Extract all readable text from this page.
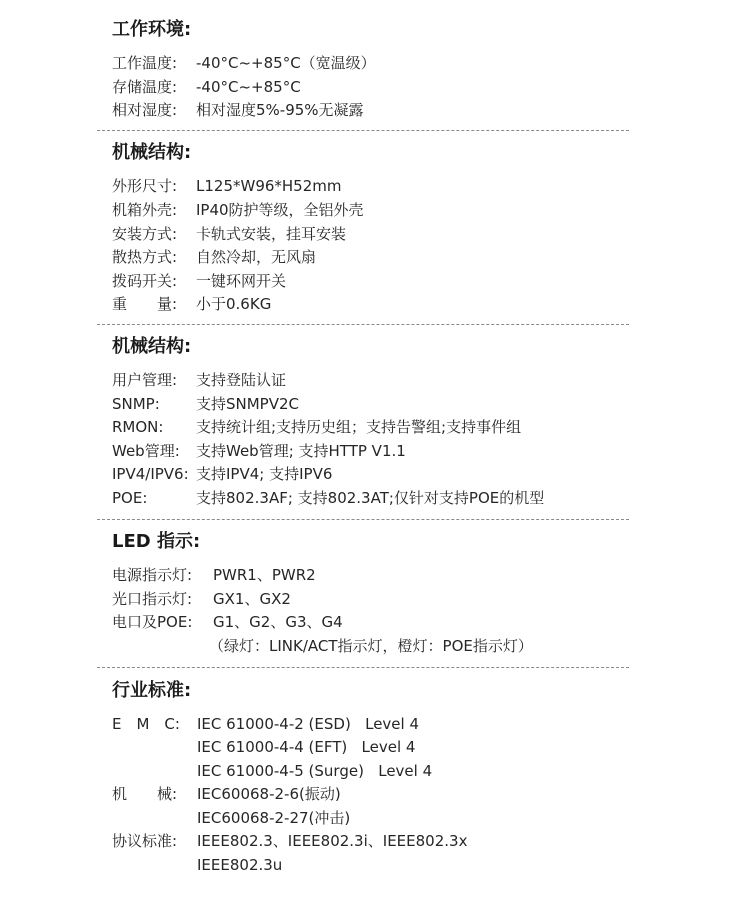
工作环境:
工作温度: -40°C~+85°C（宽温级）
存储温度: -40°C~+85°C
相对湿度: 相对湿度5%-95%无凝露
机械结构:
外形尺寸: L125*W96*H52mm
机箱外壳: IP40防护等级，全铝外壳
安装方式: 卡轨式安装，挂耳安装
散热方式: 自然冷却，无风扇
拨码开关: 一键环网开关
重　　量: 小于0.6KG
机械结构:
用户管理: 支持登陆认证
SNMP: 支持SNMPV2C
RMON: 支持统计组;支持历史组；支持告警组;支持事件组
Web管理: 支持Web管理; 支持HTTP V1.1
IPV4/IPV6: 支持IPV4; 支持IPV6
POE:	支持802.3AF; 支持802.3AT;仅针对支持POE的机型
LED 指示:
电源指示灯: PWR1、PWR2
光口指示灯: GX1、GX2
电口及POE: G1、G2、G3、G4
（绿灯：LINK/ACT指示灯，橙灯：POE指示灯）
行业标准:
E　M　C: IEC 61000-4-2 (ESD)   Level 4
IEC 61000-4-4 (EFT)   Level 4
IEC 61000-4-5 (Surge)   Level 4
机　　械: IEC60068-2-6(振动)
IEC60068-2-27(冲击)
协议标准: IEEE802.3、IEEE802.3i、IEEE802.3x
IEEE802.3u
